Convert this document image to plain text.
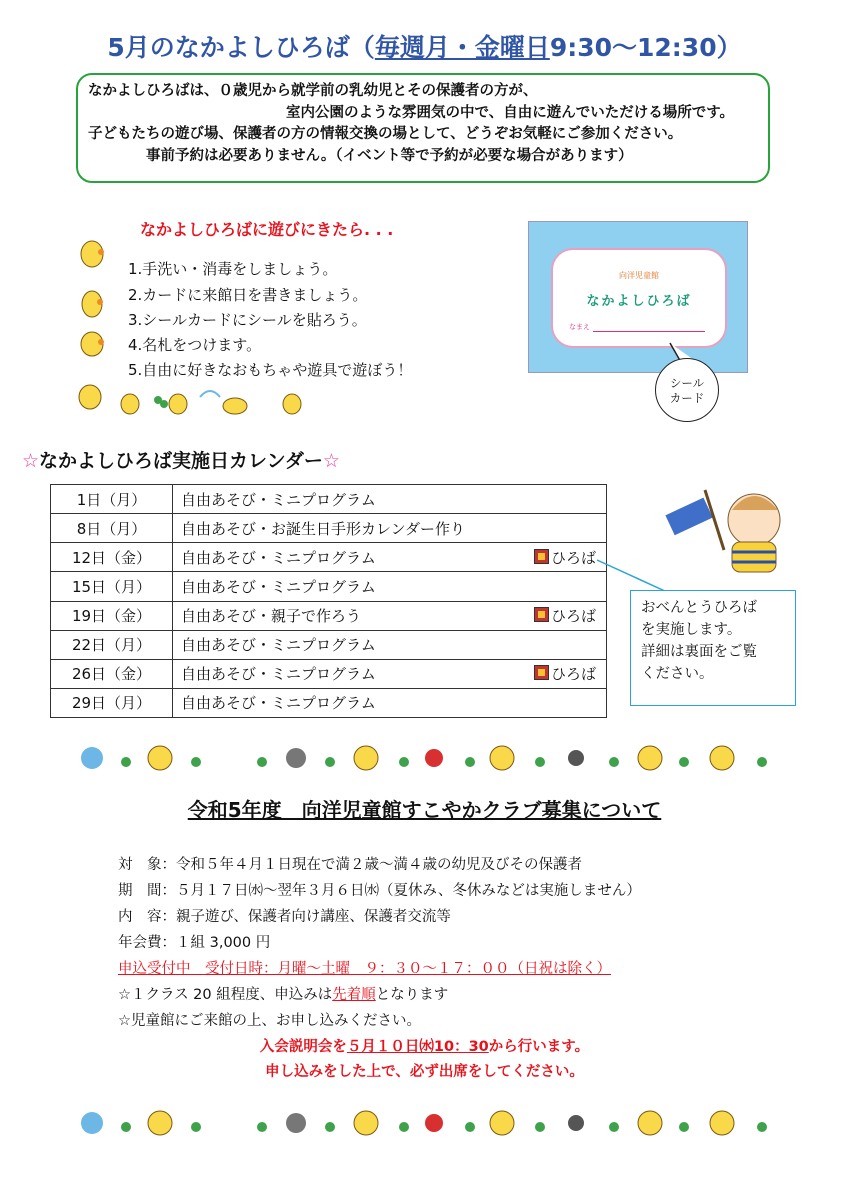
5月のなかよしひろば（毎週月・金曜日9:30～12:30）
なかよしひろばは、０歳児から就学前の乳幼児とその保護者の方が、
室内公園のような雰囲気の中で、自由に遊んでいただける場所です。
子どもたちの遊び場、保護者の方の情報交換の場として、どうぞお気軽にご参加ください。
事前予約は必要ありません。（イベント等で予約が必要な場合があります）
なかよしひろばに遊びにきたら. . .
1.手洗い・消毒をしましょう。
2.カードに来館日を書きましょう。
3.シールカードにシールを貼ろう。
4.名札をつけます。
5.自由に好きなおもちゃや遊具で遊ぼう！
向洋児童館
なかよしひろば
なまえ
シール
カード
☆なかよしひろば実施日カレンダー☆
1日（月）	自由あそび・ミニプログラム
8日（月）	自由あそび・お誕生日手形カレンダー作り
12日（金）	自由あそび・ミニプログラム ひろば

15日（月）	自由あそび・ミニプログラム
19日（金）	自由あそび・親子で作ろう ひろば

22日（月）	自由あそび・ミニプログラム
26日（金）	自由あそび・ミニプログラム ひろば

29日（月）	自由あそび・ミニプログラム
おべんとうひろば
を実施します。
詳細は裏面をご覧
ください。
令和5年度　向洋児童館すこやかクラブ募集について
対　象：令和５年４月１日現在で満２歳～満４歳の幼児及びその保護者
期　間：５月１７日㈬～翌年３月６日㈬（夏休み、冬休みなどは実施しません）
内　容：親子遊び、保護者向け講座、保護者交流等
年会費：１組 3,000 円
申込受付中　受付日時：月曜～土曜　９：３０～１７：００（日祝は除く）
☆１クラス 20 組程度、申込みは先着順となります
☆児童館にご来館の上、お申し込みください。
入会説明会を５月１０日㈬10：30から行います。
申し込みをした上で、必ず出席をしてください。
